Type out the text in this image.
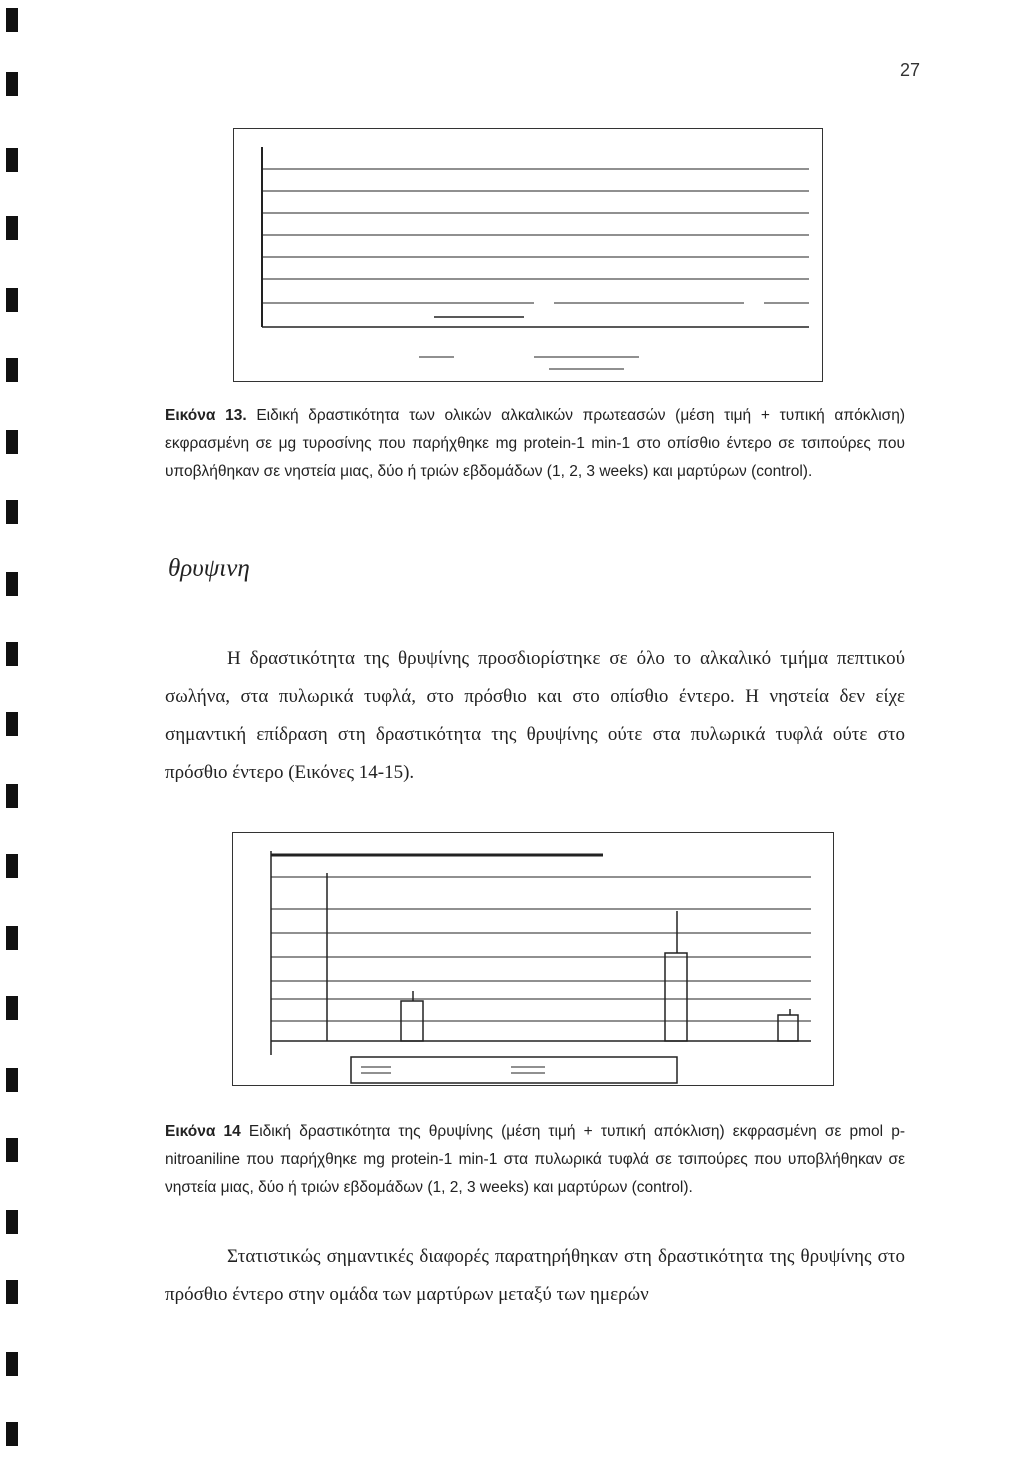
27
Εικόνα 13. Ειδική δραστικότητα των ολικών αλκαλικών πρωτεασών (μέση τιμή + τυπική απόκλιση) εκφρασμένη σε μg τυροσίνης που παρήχθηκε mg protein-1 min-1 στο οπίσθιο έντερο σε τσιπούρες που υποβλήθηκαν σε νηστεία μιας, δύο ή τριών εβδομάδων (1, 2, 3 weeks) και μαρτύρων (control).
θρυψινη
Η δραστικότητα της θρυψίνης προσδιορίστηκε σε όλο το αλκαλικό τμήμα πεπτικού σωλήνα, στα πυλωρικά τυφλά, στο πρόσθιο και στο οπίσθιο έντερο. Η νηστεία δεν είχε σημαντική επίδραση στη δραστικότητα της θρυψίνης ούτε στα πυλωρικά τυφλά ούτε στο πρόσθιο έντερο (Εικόνες 14-15).
Εικόνα 14 Ειδική δραστικότητα της θρυψίνης (μέση τιμή + τυπική απόκλιση) εκφρασμένη σε pmol p-nitroaniline που παρήχθηκε mg protein-1 min-1 στα πυλωρικά τυφλά σε τσιπούρες που υποβλήθηκαν σε νηστεία μιας, δύο ή τριών εβδομάδων (1, 2, 3 weeks) και μαρτύρων (control).
Στατιστικώς σημαντικές διαφορές παρατηρήθηκαν στη δραστικότητα της θρυψίνης στο πρόσθιο έντερο στην ομάδα των μαρτύρων μεταξύ των ημερών
